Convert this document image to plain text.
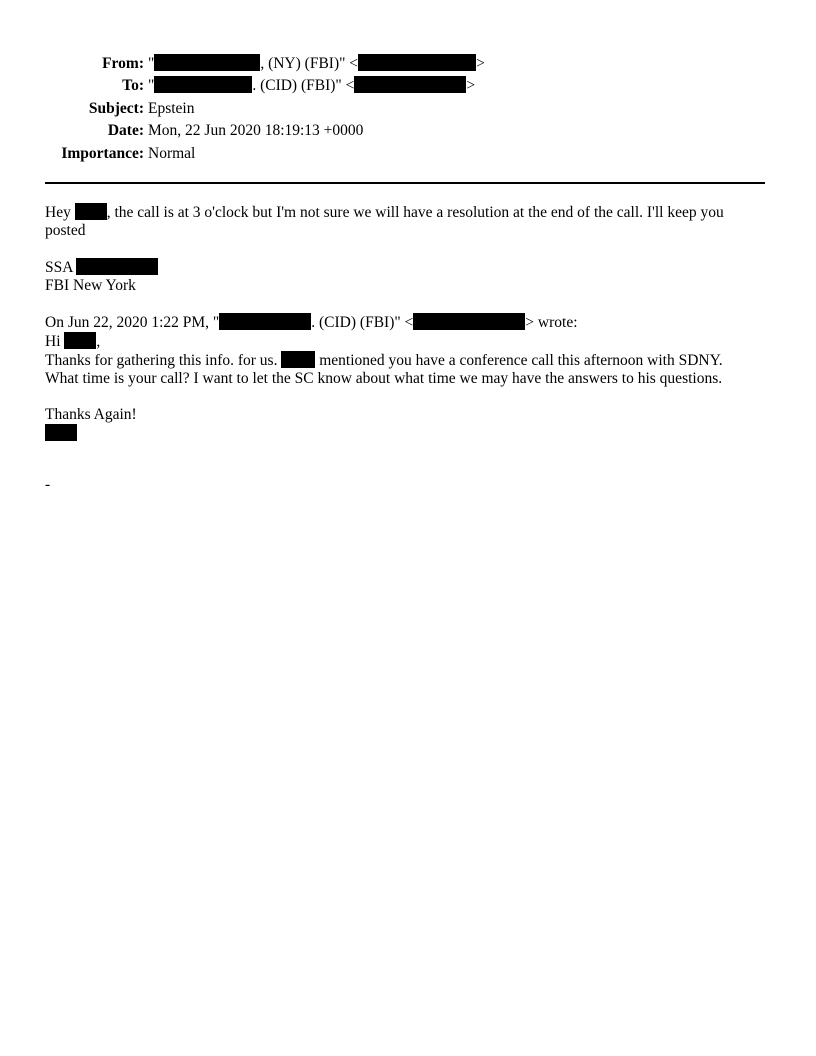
From: "	, (NY) (FBI)" <	>
To: "	. (CID) (FBI)" <	>
Subject: Epstein
Date: Mon, 22 Jun 2020 18:19:13 +0000
Importance: Normal

Hey , the call is at 3 o'clock but I'm not sure we will have a resolution at the end of the call. I'll keep you posted

SSA

FBI New York

On Jun 22, 2020 1:22 PM, "	. (CID) (FBI)" <	> wrote:

Hi ,

Thanks for gathering this info. for us.  mentioned you have a conference call this afternoon with SDNY.

What time is your call? I want to let the SC know about what time we may have the answers to his questions.

Thanks Again!

-
